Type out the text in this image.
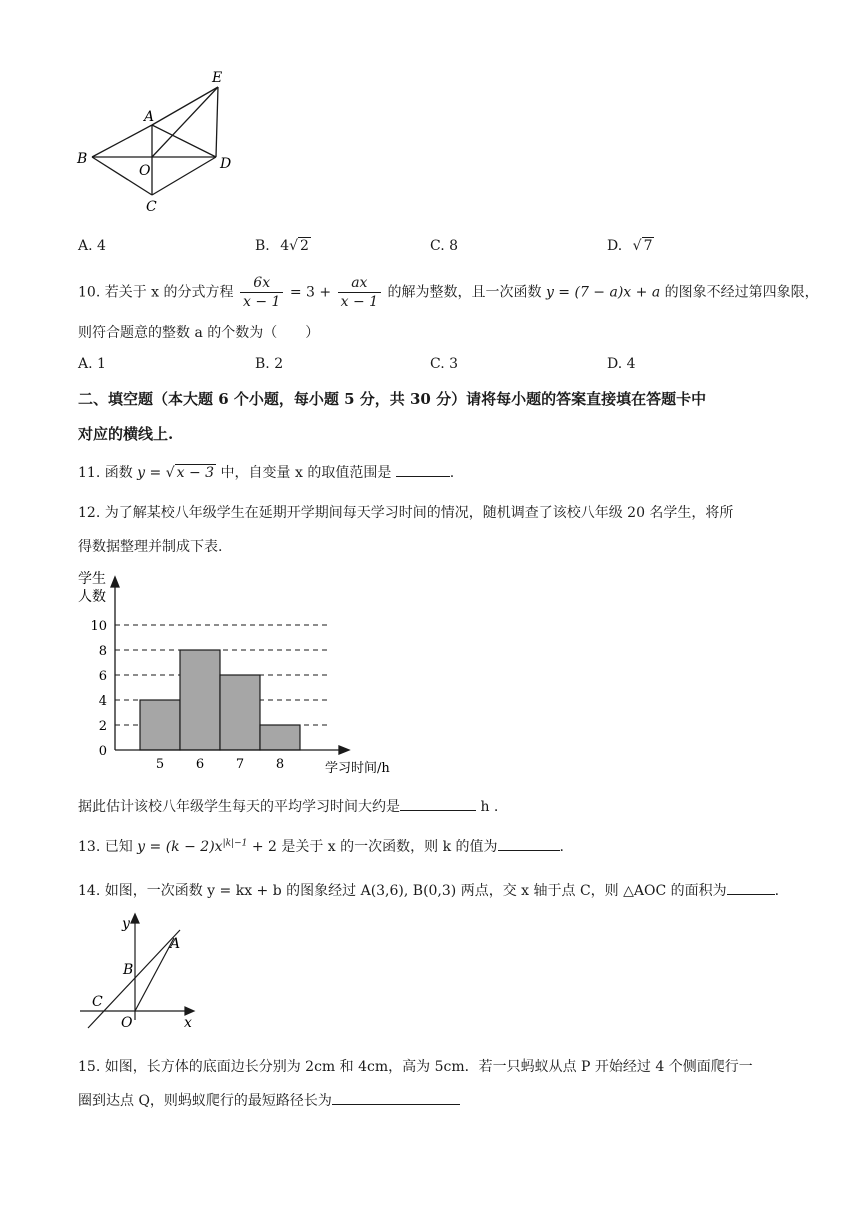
E
A
B
O	D
C
A. 4	B. 4√ 2	C. 8	D. √ 7
10. 若关于 x 的分式方程 $\frac{6x}{x - 1} = 3 + \frac{ax}{x - 1}$ 的解为整数，且一次函数 y = (7 − a)x + a 的图象不经过第四象限，
则符合题意的整数 a 的个数为（　　）
A. 1	B. 2	C. 3	D. 4
二、填空题（本大题 6 个小题，每小题 5 分，共 30 分）请将每小题的答案直接填在答题卡中
对应的横线上.
11. 函数 y = √ x − 3 中，自变量 x 的取值范围是	.
12. 为了解某校八年级学生在延期开学期间每天学习时间的情况，随机调查了该校八年级 20 名学生，将所
得数据整理并制成下表.
0
2
4
6
8
10
5 6 7 8
学生
人数
学习时间/h
据此估计该校八年级学生每天的平均学习时间大约是	h .
13. 已知 $y = (k - 2)x^{|k|-1} + 2$ 是关于 x 的一次函数，则 k 的值为	.
14. 如图，一次函数 y = kx + b 的图象经过 A(3,6), B(0,3) 两点，交 x 轴于点 C，则 △AOC 的面积为	.
y
A
B
C
O	x
15. 如图，长方体的底面边长分别为 2cm 和 4cm，高为 5cm．若一只蚂蚁从点 P 开始经过 4 个侧面爬行一
圈到达点 Q，则蚂蚁爬行的最短路径长为
